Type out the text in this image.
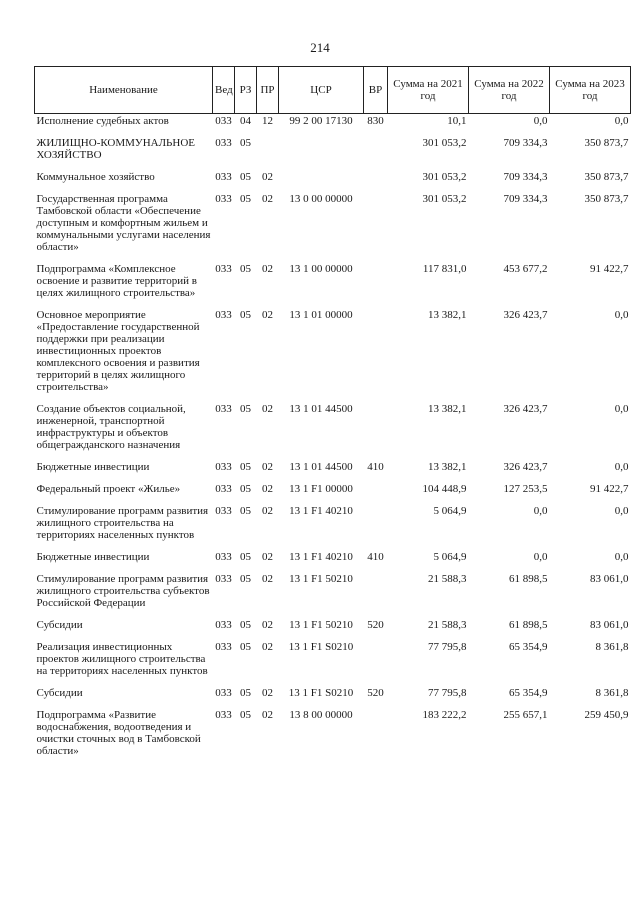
214
Наименование	Вед	РЗ	ПР	ЦСР	ВР	Сумма на 2021 год	Сумма на 2022 год	Сумма на 2023 год
Исполнение судебных актов	033	04	12	99 2 00 17130	830	10,1	0,0	0,0

ЖИЛИЩНО-КОММУНАЛЬНОЕ ХОЗЯЙСТВО	033	05				301 053,2	709 334,3	350 873,7

Коммунальное хозяйство	033	05	02			301 053,2	709 334,3	350 873,7

Государственная программа Тамбовской области «Обеспечение доступным и комфортным жильем и коммунальными услугами населения области»	033	05	02	13 0 00 00000		301 053,2	709 334,3	350 873,7

Подпрограмма «Комплексное освоение и развитие территорий в целях жилищного строительства»	033	05	02	13 1 00 00000		117 831,0	453 677,2	91 422,7

Основное мероприятие «Предоставление государственной поддержки при реализации инвестиционных проектов комплексного освоения и развития территорий в целях жилищного строительства»	033	05	02	13 1 01 00000		13 382,1	326 423,7	0,0

Создание объектов социальной, инженерной, транспортной инфраструктуры и объектов общегражданского назначения	033	05	02	13 1 01 44500		13 382,1	326 423,7	0,0

Бюджетные инвестиции	033	05	02	13 1 01 44500	410	13 382,1	326 423,7	0,0

Федеральный проект «Жилье»	033	05	02	13 1 F1 00000		104 448,9	127 253,5	91 422,7

Стимулирование программ развития жилищного строительства на территориях населенных пунктов	033	05	02	13 1 F1 40210		5 064,9	0,0	0,0

Бюджетные инвестиции	033	05	02	13 1 F1 40210	410	5 064,9	0,0	0,0

Стимулирование программ развития жилищного строительства субъектов Российской Федерации	033	05	02	13 1 F1 50210		21 588,3	61 898,5	83 061,0

Субсидии	033	05	02	13 1 F1 50210	520	21 588,3	61 898,5	83 061,0

Реализация инвестиционных проектов жилищного строительства на территориях населенных пунктов	033	05	02	13 1 F1 S0210		77 795,8	65 354,9	8 361,8

Субсидии	033	05	02	13 1 F1 S0210	520	77 795,8	65 354,9	8 361,8

Подпрограмма «Развитие водоснабжения, водоотведения и очистки сточных вод в Тамбовской области»	033	05	02	13 8 00 00000		183 222,2	255 657,1	259 450,9
